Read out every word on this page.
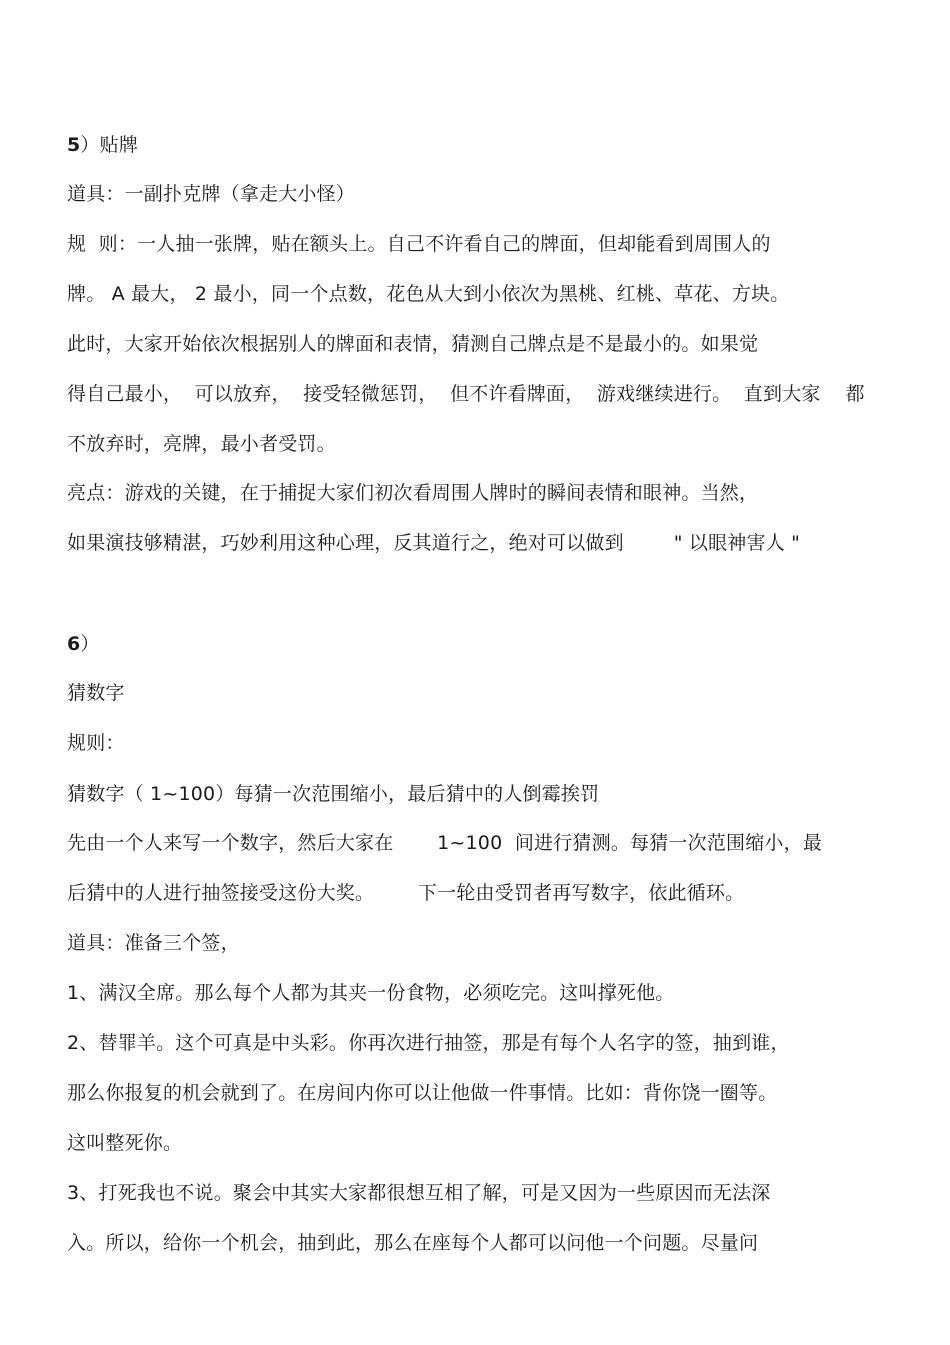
5）贴牌
道具：一副扑克牌（拿走大小怪）
规  则：一人抽一张牌，贴在额头上。自己不许看自己的牌面，但却能看到周围人的
牌。 A 最大， 2 最小，同一个点数，花色从大到小依次为黑桃、红桃、草花、方块。
此时，大家开始依次根据别人的牌面和表情，猜测自己牌点是不是最小的。如果觉
得自己最小，  可以放弃，  接受轻微惩罚，  但不许看牌面，  游戏继续进行。  直到大家    都
不放弃时，亮牌，最小者受罚。
亮点：游戏的关键，在于捕捉大家们初次看周围人牌时的瞬间表情和眼神。当然，
如果演技够精湛，巧妙利用这种心理，反其道行之，绝对可以做到        " 以眼神害人 "
6）
猜数字
规则：
猜数字（ 1~100）每猜一次范围缩小，最后猜中的人倒霉挨罚
先由一个人来写一个数字，然后大家在       1~100  间进行猜测。每猜一次范围缩小，最
后猜中的人进行抽签接受这份大奖。       下一轮由受罚者再写数字，依此循环。
道具：准备三个签，
1、满汉全席。那么每个人都为其夹一份食物，必须吃完。这叫撑死他。
2、替罪羊。这个可真是中头彩。你再次进行抽签，那是有每个人名字的签，抽到谁，
那么你报复的机会就到了。在房间内你可以让他做一件事情。比如：背你饶一圈等。
这叫整死你。
3、打死我也不说。聚会中其实大家都很想互相了解，可是又因为一些原因而无法深
入。所以，给你一个机会，抽到此，那么在座每个人都可以问他一个问题。尽量问
